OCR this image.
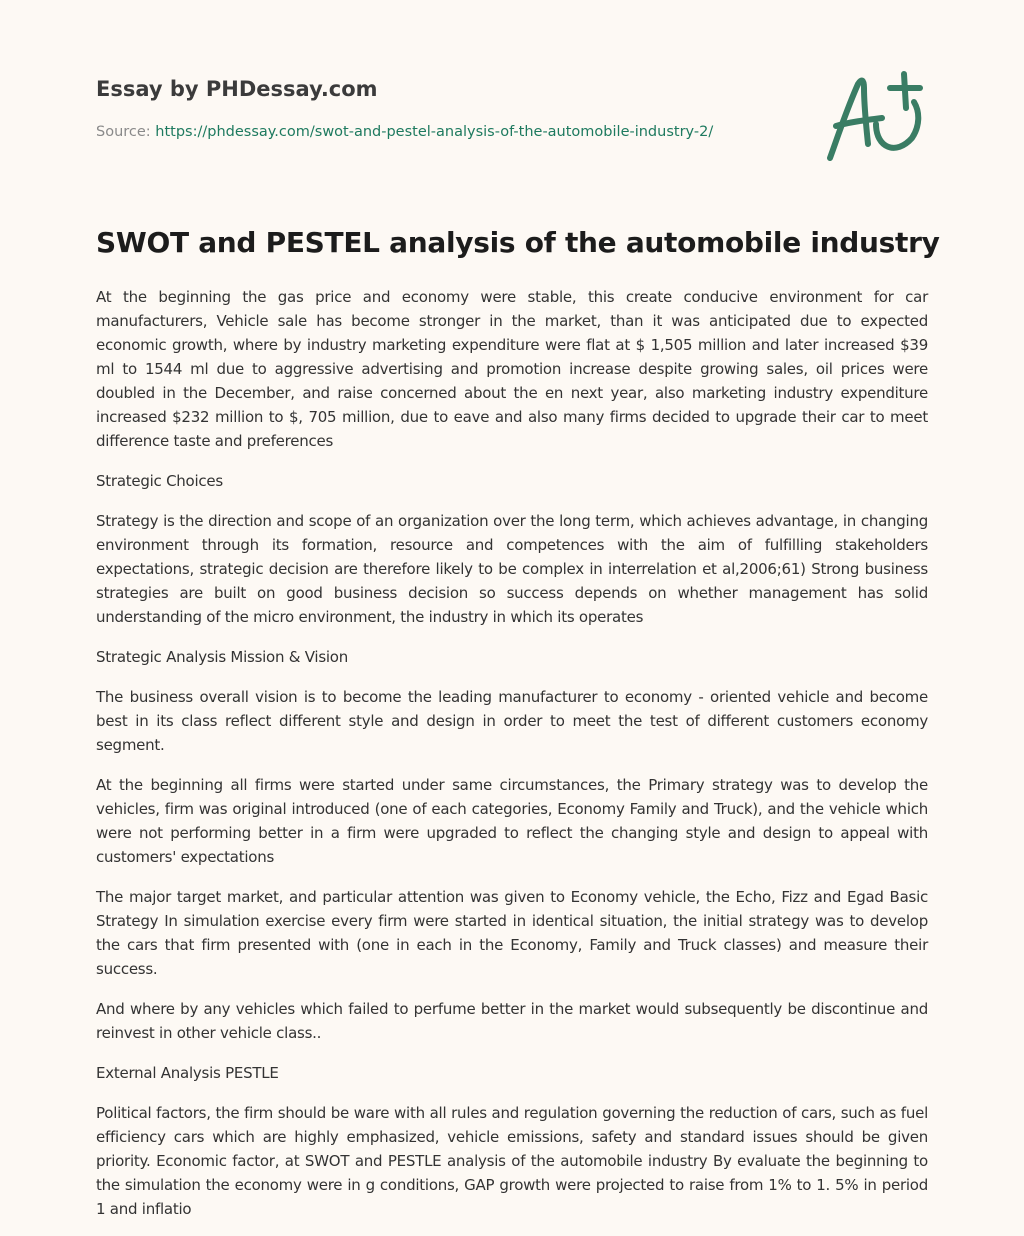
Essay by PHDessay.com
Source: https://phdessay.com/swot-and-pestel-analysis-of-the-automobile-industry-2/
SWOT and PESTEL analysis of the automobile industry

At the beginning the gas price and economy were stable, this create conducive environment for car manufacturers, Vehicle sale has become stronger in the market, than it was anticipated due to expected economic growth, where by industry marketing expenditure were flat at $ 1,505 million and later increased $39 ml to 1544 ml due to aggressive advertising and promotion increase despite growing sales, oil prices were doubled in the December, and raise concerned about the en next year, also marketing industry expenditure increased $232 million to $, 705 million, due to eave and also many firms decided to upgrade their car to meet difference taste and preferences

Strategic Choices

Strategy is the direction and scope of an organization over the long term, which achieves advantage, in changing environment through its formation, resource and competences with the aim of fulfilling stakeholders expectations, strategic decision are therefore likely to be complex in interrelation et al,2006;61) Strong business strategies are built on good business decision so success depends on whether management has solid understanding of the micro environment, the industry in which its operates

Strategic Analysis Mission & Vision

The business overall vision is to become the leading manufacturer to economy - oriented vehicle and become best in its class reflect different style and design in order to meet the test of different customers economy segment.

At the beginning all firms were started under same circumstances, the Primary strategy was to develop the vehicles, firm was original introduced (one of each categories, Economy Family and Truck), and the vehicle which were not performing better in a firm were upgraded to reflect the changing style and design to appeal with customers' expectations

The major target market, and particular attention was given to Economy vehicle, the Echo, Fizz and Egad Basic Strategy In simulation exercise every firm were started in identical situation, the initial strategy was to develop the cars that firm presented with (one in each in the Economy, Family and Truck classes) and measure their success.

And where by any vehicles which failed to perfume better in the market would subsequently be discontinue and reinvest in other vehicle class..

External Analysis PESTLE

Political factors, the firm should be ware with all rules and regulation governing the reduction of cars, such as fuel efficiency cars which are highly emphasized, vehicle emissions, safety and standard issues should be given priority. Economic factor, at SWOT and PESTLE analysis of the automobile industry By evaluate the beginning to the simulation the economy were in g conditions, GAP growth were projected to raise from 1% to 1. 5% in period 1 and inflatio
